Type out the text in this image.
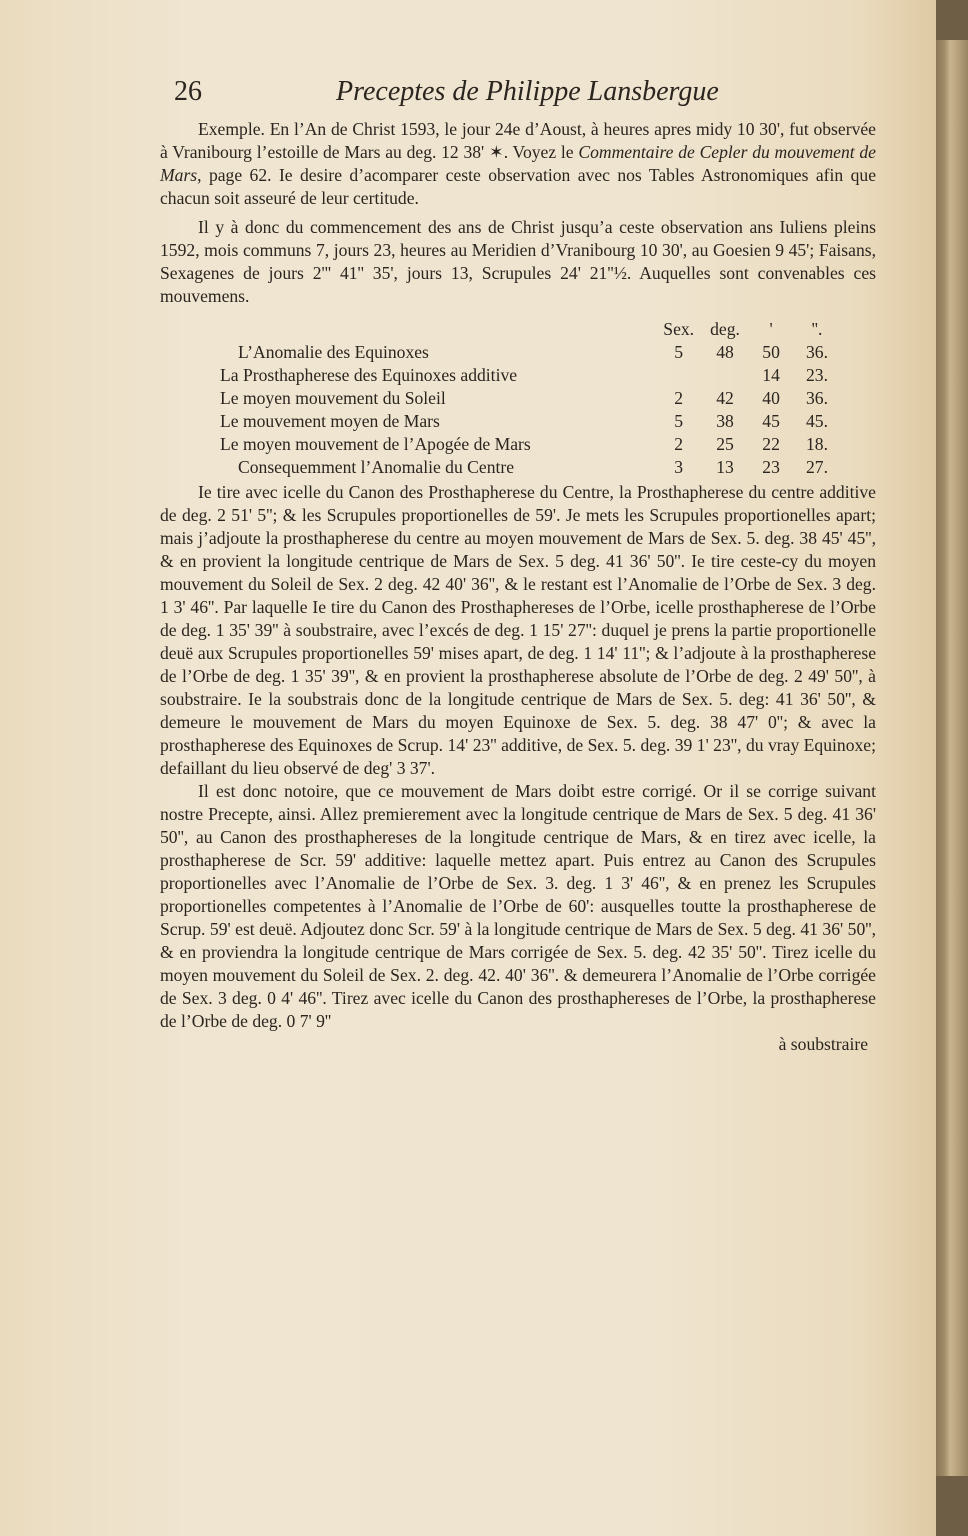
26	Preceptes de Philippe Lansbergue

Exemple. En l’An de Christ 1593, le jour 24e d’Aoust, à heures apres midy 10 30', fut observée à Vranibourg l’estoille de Mars au deg. 12 38' ✶. Voyez le Commentaire de Cepler du mouvement de Mars, page 62. Ie desire d’acomparer ceste observation avec nos Tables Astronomiques afin que chacun soit asseuré de leur certitude.

Il y à donc du commencement des ans de Christ jusqu’a ceste observation ans Iuliens pleins 1592, mois communs 7, jours 23, heures au Meridien d’Vranibourg 10 30', au Goesien 9 45'; Faisans, Sexagenes de jours 2''' 41'' 35', jours 13, Scrupules 24' 21''½. Auquelles sont convenables ces mouvemens.

	Sex.	deg.	'	''.
L’Anomalie des Equinoxes	5	48	50	36.
La Prosthapherese des Equinoxes additive			14	23.
Le moyen mouvement du Soleil	2	42	40	36.
Le mouvement moyen de Mars	5	38	45	45.
Le moyen mouvement de l’Apogée de Mars	2	25	22	18.
Consequemment l’Anomalie du Centre	3	13	23	27.

Ie tire avec icelle du Canon des Prosthapherese du Centre, la Prosthapherese du centre additive de deg. 2 51' 5''; & les Scrupules proportionelles de 59'. Je mets les Scrupules proportionelles apart; mais j’adjoute la prosthapherese du centre au moyen mouvement de Mars de Sex. 5. deg. 38 45' 45'', & en provient la longitude centrique de Mars de Sex. 5 deg. 41 36' 50''. Ie tire ceste-cy du moyen mouvement du Soleil de Sex. 2 deg. 42 40' 36'', & le restant est l’Anomalie de l’Orbe de Sex. 3 deg. 1 3' 46''. Par laquelle Ie tire du Canon des Prosthaphereses de l’Orbe, icelle prosthapherese de l’Orbe de deg. 1 35' 39'' à soubstraire, avec l’excés de deg. 1 15' 27'': duquel je prens la partie proportionelle deuë aux Scrupules proportionelles 59' mises apart, de deg. 1 14' 11''; & l’adjoute à la prosthapherese de l’Orbe de deg. 1 35' 39'', & en provient la prosthapherese absolute de l’Orbe de deg. 2 49' 50'', à soubstraire. Ie la soubstrais donc de la longitude centrique de Mars de Sex. 5. deg: 41 36' 50'', & demeure le mouvement de Mars du moyen Equinoxe de Sex. 5. deg. 38 47' 0''; & avec la prosthapherese des Equinoxes de Scrup. 14' 23'' additive, de Sex. 5. deg. 39 1' 23'', du vray Equinoxe; defaillant du lieu observé de deg' 3 37'.

Il est donc notoire, que ce mouvement de Mars doibt estre corrigé. Or il se corrige suivant nostre Precepte, ainsi. Allez premierement avec la longitude centrique de Mars de Sex. 5 deg. 41 36' 50'', au Canon des prosthaphereses de la longitude centrique de Mars, & en tirez avec icelle, la prosthapherese de Scr. 59' additive: laquelle mettez apart. Puis entrez au Canon des Scrupules proportionelles avec l’Anomalie de l’Orbe de Sex. 3. deg. 1 3' 46'', & en prenez les Scrupules proportionelles competentes à l’Anomalie de l’Orbe de 60': ausquelles toutte la prosthapherese de Scrup. 59' est deuë. Adjoutez donc Scr. 59' à la longitude centrique de Mars de Sex. 5 deg. 41 36' 50'', & en proviendra la longitude centrique de Mars corrigée de Sex. 5. deg. 42 35' 50''. Tirez icelle du moyen mouvement du Soleil de Sex. 2. deg. 42. 40' 36''. & demeurera l’Anomalie de l’Orbe corrigée de Sex. 3 deg. 0 4' 46''. Tirez avec icelle du Canon des prosthaphereses de l’Orbe, la prosthapherese de l’Orbe de deg. 0 7' 9''

à soubstraire
